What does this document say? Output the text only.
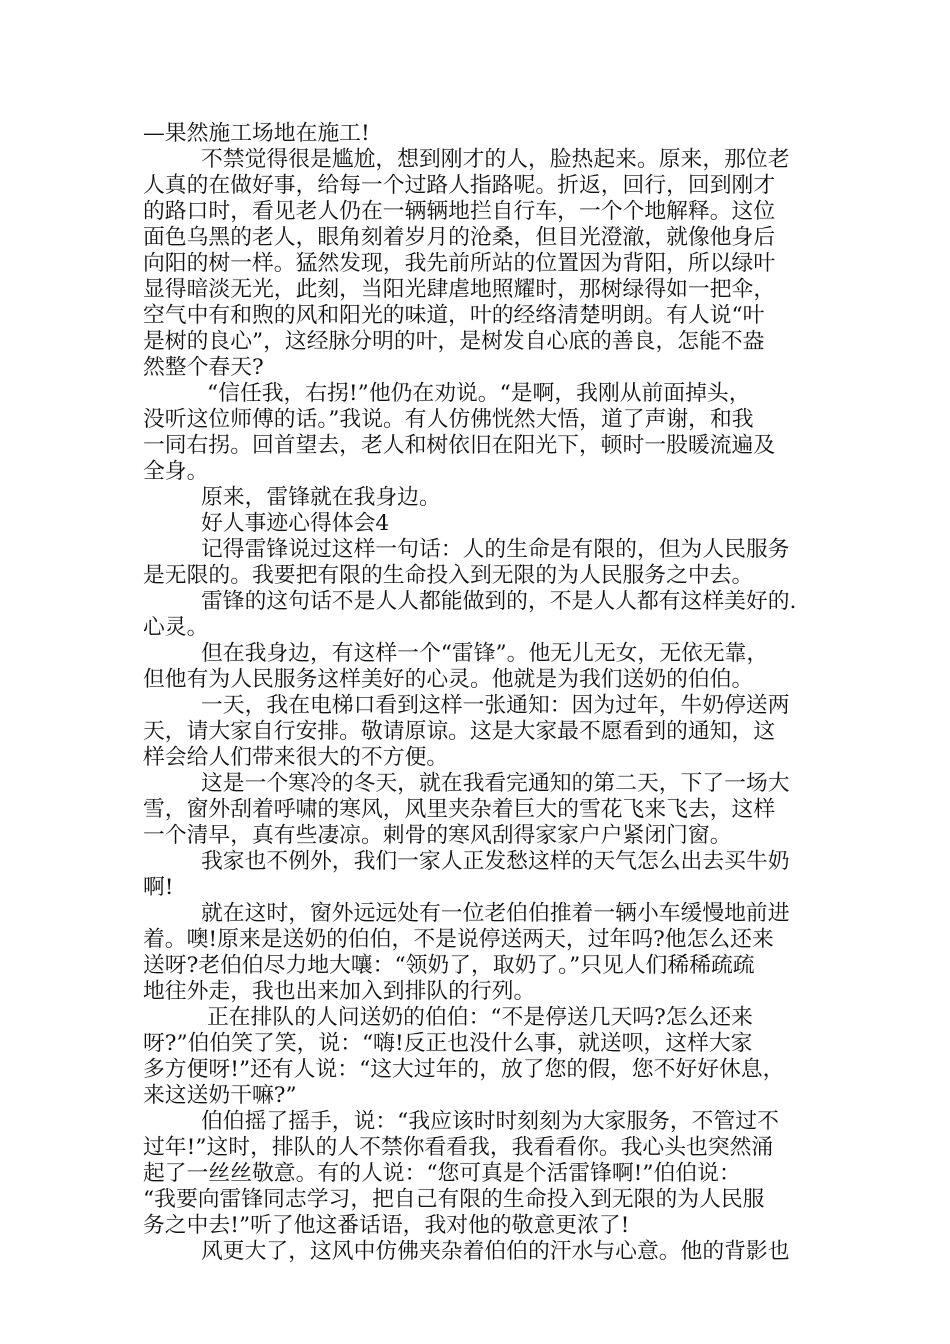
—果然施工场地在施工!
不禁觉得很是尴尬，想到刚才的人，脸热起来。原来，那位老
人真的在做好事，给每一个过路人指路呢。折返，回行，回到刚才
的路口时，看见老人仍在一辆辆地拦自行车，一个个地解释。这位
面色乌黑的老人，眼角刻着岁月的沧桑，但目光澄澈，就像他身后
向阳的树一样。猛然发现，我先前所站的位置因为背阳，所以绿叶
显得暗淡无光，此刻，当阳光肆虐地照耀时，那树绿得如一把伞，
空气中有和煦的风和阳光的味道，叶的经络清楚明朗。有人说“叶
是树的良心”，这经脉分明的叶，是树发自心底的善良，怎能不盎
然整个春天?
“信任我，右拐!”他仍在劝说。“是啊，我刚从前面掉头，
没听这位师傅的话。”我说。有人仿佛恍然大悟，道了声谢，和我
一同右拐。回首望去，老人和树依旧在阳光下，顿时一股暖流遍及
全身。
原来，雷锋就在我身边。
好人事迹心得体会4
记得雷锋说过这样一句话：人的生命是有限的，但为人民服务
是无限的。我要把有限的生命投入到无限的为人民服务之中去。
雷锋的这句话不是人人都能做到的，不是人人都有这样美好的.
心灵。
但在我身边，有这样一个“雷锋”。他无儿无女，无依无靠，
但他有为人民服务这样美好的心灵。他就是为我们送奶的伯伯。
一天，我在电梯口看到这样一张通知：因为过年，牛奶停送两
天，请大家自行安排。敬请原谅。这是大家最不愿看到的通知，这
样会给人们带来很大的不方便。
这是一个寒冷的冬天，就在我看完通知的第二天，下了一场大
雪，窗外刮着呼啸的寒风，风里夹杂着巨大的雪花飞来飞去，这样
一个清早，真有些凄凉。刺骨的寒风刮得家家户户紧闭门窗。
我家也不例外，我们一家人正发愁这样的天气怎么出去买牛奶
啊!
就在这时，窗外远远处有一位老伯伯推着一辆小车缓慢地前进
着。噢!原来是送奶的伯伯，不是说停送两天，过年吗?他怎么还来
送呀?老伯伯尽力地大嚷：“领奶了，取奶了。”只见人们稀稀疏疏
地往外走，我也出来加入到排队的行列。
正在排队的人问送奶的伯伯：“不是停送几天吗?怎么还来
呀?”伯伯笑了笑，说：“嗨!反正也没什么事，就送呗，这样大家
多方便呀!”还有人说：“这大过年的，放了您的假，您不好好休息，
来这送奶干嘛?”
伯伯摇了摇手，说：“我应该时时刻刻为大家服务，不管过不
过年!”这时，排队的人不禁你看看我，我看看你。我心头也突然涌
起了一丝丝敬意。有的人说：“您可真是个活雷锋啊!”伯伯说：
“我要向雷锋同志学习，把自己有限的生命投入到无限的为人民服
务之中去!”听了他这番话语，我对他的敬意更浓了!
风更大了，这风中仿佛夹杂着伯伯的汗水与心意。他的背影也
